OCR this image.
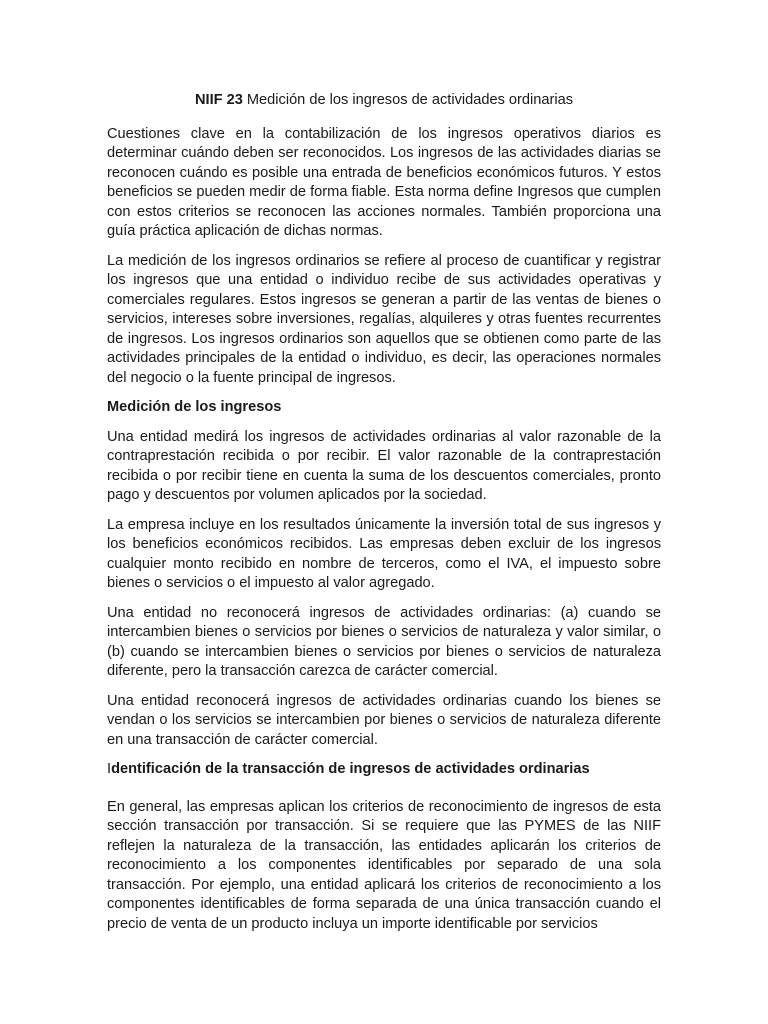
NIIF 23 Medición de los ingresos de actividades ordinarias

Cuestiones clave en la contabilización de los ingresos operativos diarios es determinar cuándo deben ser reconocidos. Los ingresos de las actividades diarias se reconocen cuándo es posible una entrada de beneficios económicos futuros. Y estos beneficios se pueden medir de forma fiable. Esta norma define Ingresos que cumplen con estos criterios se reconocen las acciones normales. También proporciona una guía práctica aplicación de dichas normas.

La medición de los ingresos ordinarios se refiere al proceso de cuantificar y registrar los ingresos que una entidad o individuo recibe de sus actividades operativas y comerciales regulares. Estos ingresos se generan a partir de las ventas de bienes o servicios, intereses sobre inversiones, regalías, alquileres y otras fuentes recurrentes de ingresos. Los ingresos ordinarios son aquellos que se obtienen como parte de las actividades principales de la entidad o individuo, es decir, las operaciones normales del negocio o la fuente principal de ingresos.

Medición de los ingresos

Una entidad medirá los ingresos de actividades ordinarias al valor razonable de la contraprestación recibida o por recibir. El valor razonable de la contraprestación recibida o por recibir tiene en cuenta la suma de los descuentos comerciales, pronto pago y descuentos por volumen aplicados por la sociedad.

La empresa incluye en los resultados únicamente la inversión total de sus ingresos y los beneficios económicos recibidos. Las empresas deben excluir de los ingresos cualquier monto recibido en nombre de terceros, como el IVA, el impuesto sobre bienes o servicios o el impuesto al valor agregado.

Una entidad no reconocerá ingresos de actividades ordinarias: (a) cuando se intercambien bienes o servicios por bienes o servicios de naturaleza y valor similar, o (b) cuando se intercambien bienes o servicios por bienes o servicios de naturaleza diferente, pero la transacción carezca de carácter comercial.

Una entidad reconocerá ingresos de actividades ordinarias cuando los bienes se vendan o los servicios se intercambien por bienes o servicios de naturaleza diferente en una transacción de carácter comercial.

Identificación de la transacción de ingresos de actividades ordinarias

En general, las empresas aplican los criterios de reconocimiento de ingresos de esta sección transacción por transacción. Si se requiere que las PYMES de las NIIF reflejen la naturaleza de la transacción, las entidades aplicarán los criterios de reconocimiento a los componentes identificables por separado de una sola transacción. Por ejemplo, una entidad aplicará los criterios de reconocimiento a los componentes identificables de forma separada de una única transacción cuando el precio de venta de un producto incluya un importe identificable por servicios
